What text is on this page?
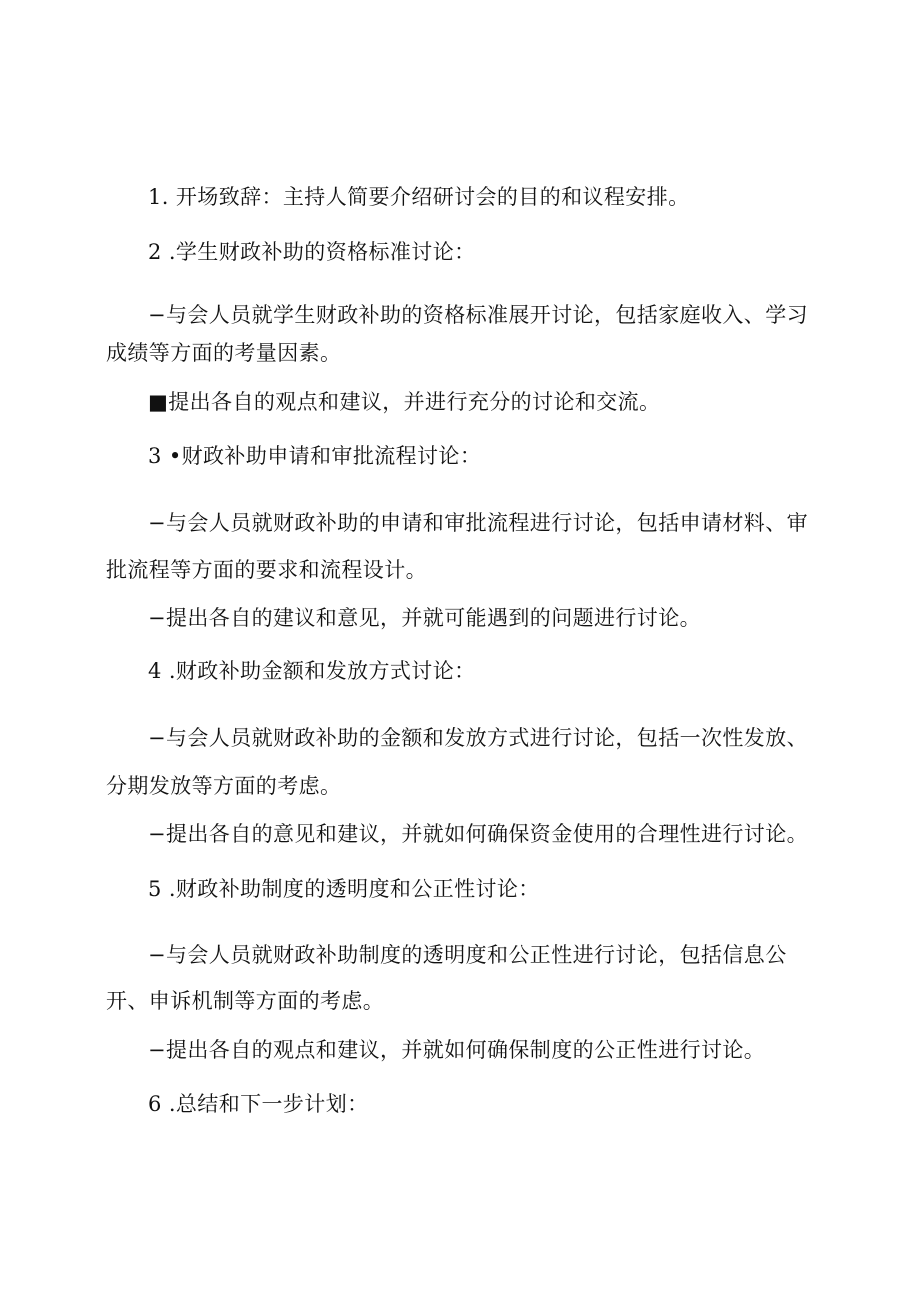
1. 开场致辞：主持人简要介绍研讨会的目的和议程安排。
2 .学生财政补助的资格标准讨论：
−与会人员就学生财政补助的资格标准展开讨论，包括家庭收入、学习
成绩等方面的考量因素。
■提出各自的观点和建议，并进行充分的讨论和交流。
3 •财政补助申请和审批流程讨论：
−与会人员就财政补助的申请和审批流程进行讨论，包括申请材料、审
批流程等方面的要求和流程设计。
−提出各自的建议和意见，并就可能遇到的问题进行讨论。
4 .财政补助金额和发放方式讨论：
−与会人员就财政补助的金额和发放方式进行讨论，包括一次性发放、
分期发放等方面的考虑。
−提出各自的意见和建议，并就如何确保资金使用的合理性进行讨论。
5 .财政补助制度的透明度和公正性讨论：
−与会人员就财政补助制度的透明度和公正性进行讨论，包括信息公
开、申诉机制等方面的考虑。
−提出各自的观点和建议，并就如何确保制度的公正性进行讨论。
6 .总结和下一步计划：
